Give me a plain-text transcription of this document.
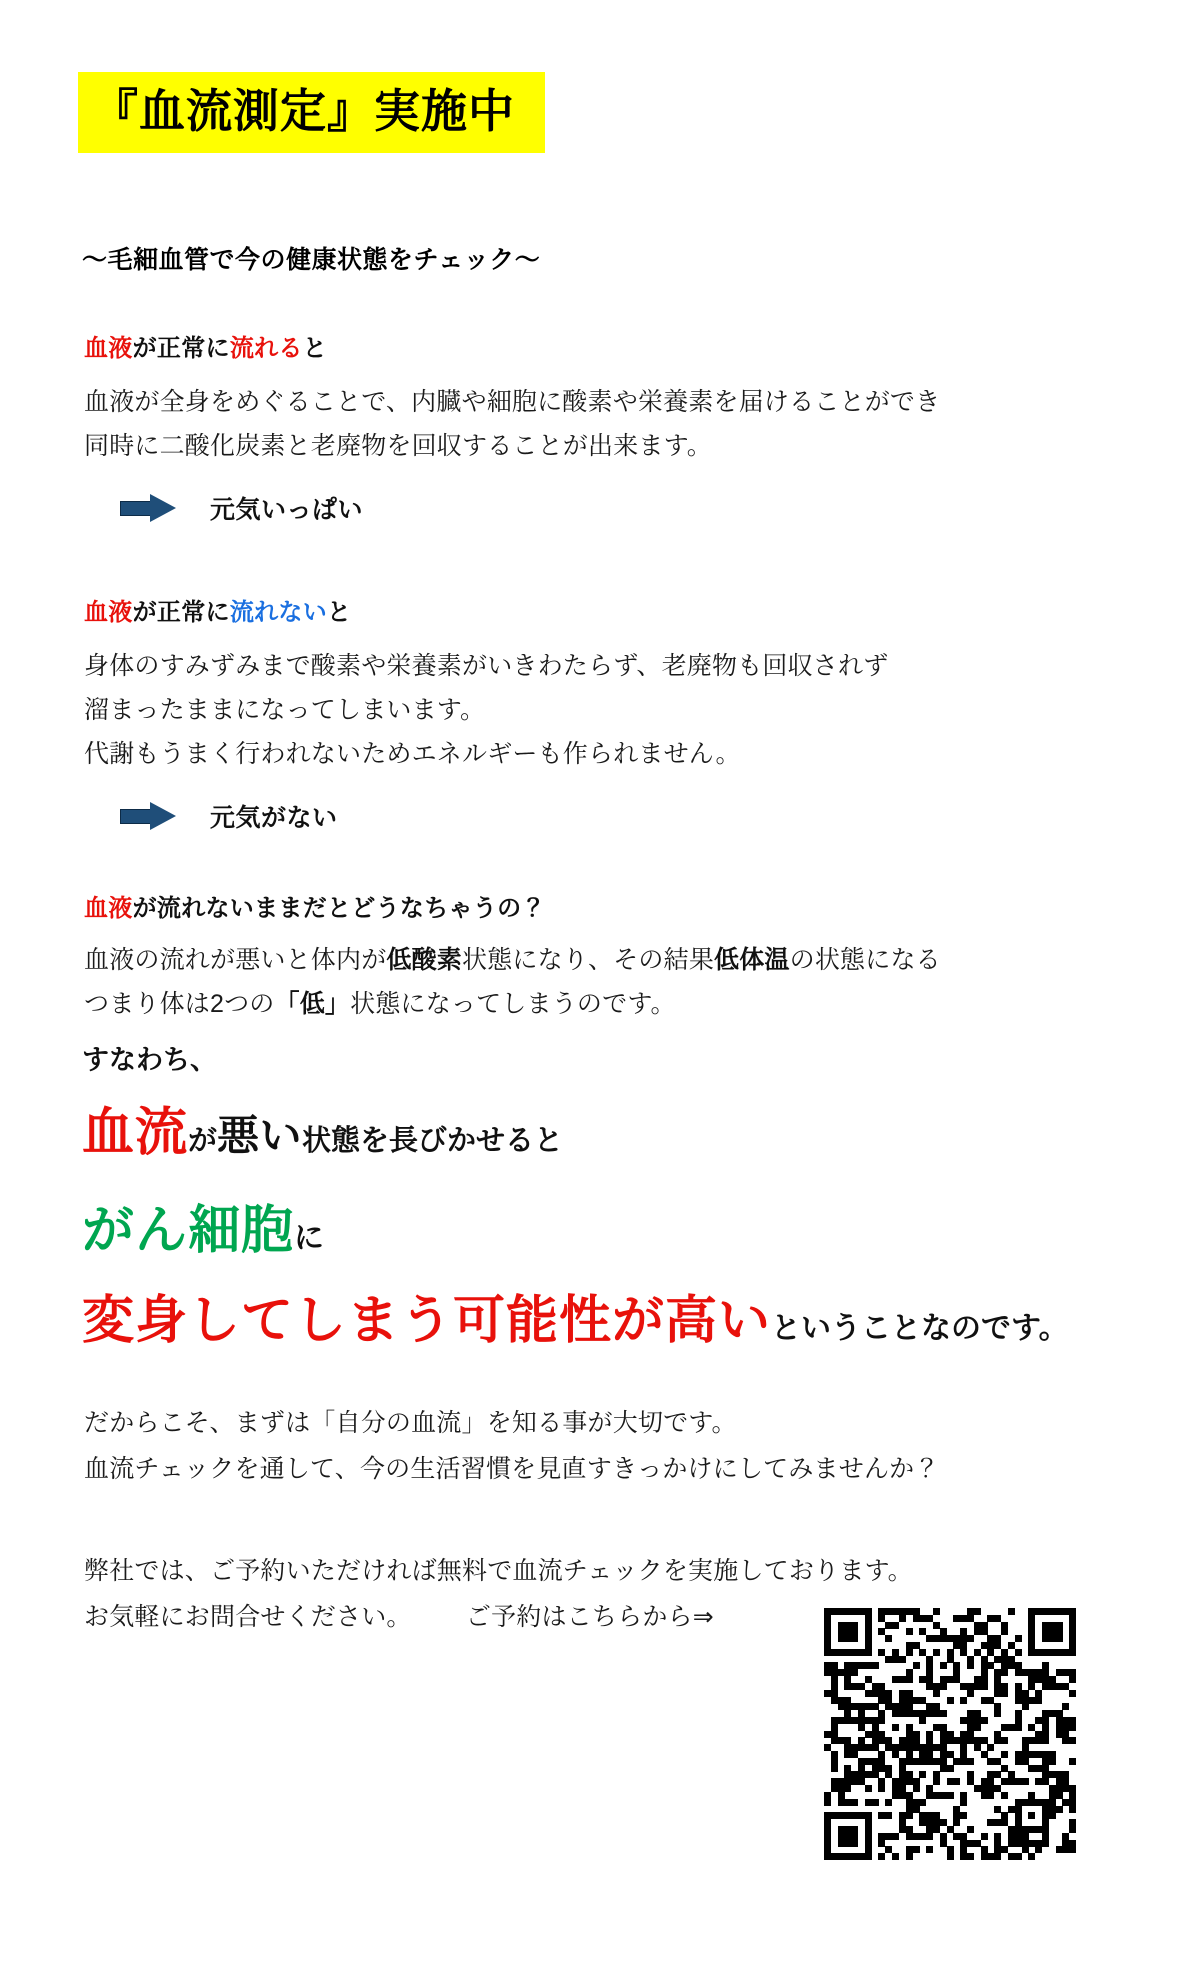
『血流測定』実施中
〜毛細血管で今の健康状態をチェック〜
血液が正常に流れると
血液が全身をめぐることで、内臓や細胞に酸素や栄養素を届けることができ
同時に二酸化炭素と老廃物を回収することが出来ます。
元気いっぱい
血液が正常に流れないと
身体のすみずみまで酸素や栄養素がいきわたらず、老廃物も回収されず
溜まったままになってしまいます。
代謝もうまく行われないためエネルギーも作られません。
元気がない
血液が流れないままだとどうなちゃうの？
血液の流れが悪いと体内が低酸素状態になり、その結果低体温の状態になる
つまり体は2つの「低」状態になってしまうのです。
すなわち、
血流が悪い状態を長びかせると
がん細胞に
変身してしまう可能性が高いということなのです。
だからこそ、まずは「自分の血流」を知る事が大切です。
血流チェックを通して、今の生活習慣を見直すきっかけにしてみませんか？
弊社では、ご予約いただければ無料で血流チェックを実施しております。
お気軽にお問合せください。 ご予約はこちらから⇒
